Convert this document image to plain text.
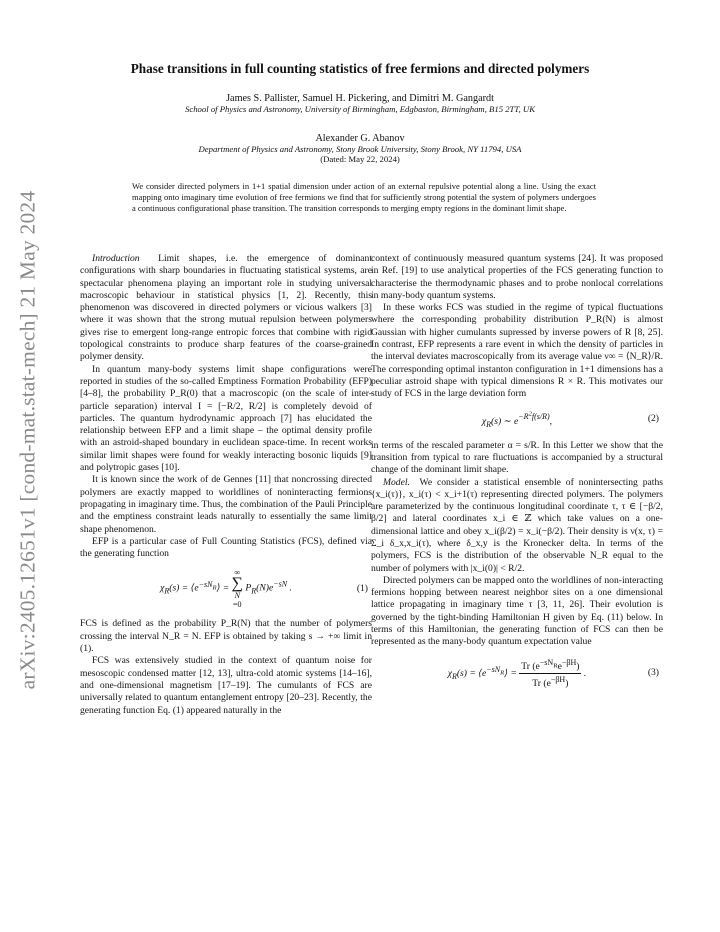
arXiv:2405.12651v1 [cond-mat.stat-mech] 21 May 2024
Phase transitions in full counting statistics of free fermions and directed polymers
James S. Pallister, Samuel H. Pickering, and Dimitri M. Gangardt
School of Physics and Astronomy, University of Birmingham, Edgbaston, Birmingham, B15 2TT, UK
Alexander G. Abanov
Department of Physics and Astronomy, Stony Brook University, Stony Brook, NY 11794, USA
(Dated: May 22, 2024)
We consider directed polymers in 1+1 spatial dimension under action of an external repulsive potential along a line. Using the exact mapping onto imaginary time evolution of free fermions we find that for sufficiently strong potential the system of polymers undergoes a continuous configurational phase transition. The transition corresponds to merging empty regions in the dominant limit shape.

Introduction Limit shapes, i.e. the emergence of dominant configurations with sharp boundaries in fluctuating statistical systems, are spectacular phenomena playing an important role in studying universal macroscopic behaviour in statistical physics [1, 2]. Recently, this phenomenon was discovered in directed polymers or vicious walkers [3] where it was shown that the strong mutual repulsion between polymers gives rise to emergent long-range entropic forces that combine with rigid topological constraints to produce sharp features of the coarse-grained polymer density.

In quantum many-body systems limit shape configurations were reported in studies of the so-called Emptiness Formation Probability (EFP) [4–8], the probability P_R(0) that a macroscopic (on the scale of inter-particle separation) interval I = [−R/2, R/2] is completely devoid of particles. The quantum hydrodynamic approach [7] has elucidated the relationship between EFP and a limit shape – the optimal density profile with an astroid-shaped boundary in euclidean space-time. In recent works similar limit shapes were found for weakly interacting bosonic liquids [9] and polytropic gases [10].

It is known since the work of de Gennes [11] that noncrossing directed polymers are exactly mapped to worldlines of noninteracting fermions propagating in imaginary time. Thus, the combination of the Pauli Principle and the emptiness constraint leads naturally to essentially the same limit shape phenomenon.

EFP is a particular case of Full Counting Statistics (FCS), defined via the generating function

$\chi_R(s)$ = $⟨e^{-sN_R}⟩$ = ∞
∑
N
=0 $P_R(N)e^{-sN}$ .	(1)

FCS is defined as the probability P_R(N) that the number of polymers crossing the interval N_R = N. EFP is obtained by taking s → +∞ limit in (1).

FCS was extensively studied in the context of quantum noise for mesoscopic condensed matter [12, 13], ultra-cold atomic systems [14–16], and one-dimensional magnetism [17–19]. The cumulants of FCS are universally related to quantum entanglement entropy [20–23]. Recently, the generating function Eq. (1) appeared naturally in the

context of continuously measured quantum systems [24]. It was proposed in Ref. [19] to use analytical properties of the FCS generating function to characterise the thermodynamic phases and to probe nonlocal correlations in many-body quantum systems.

In these works FCS was studied in the regime of typical fluctuations where the corresponding probability distribution P_R(N) is almost Gaussian with higher cumulants supressed by inverse powers of R [8, 25]. In contrast, EFP represents a rare event in which the density of particles in the interval deviates macroscopically from its average value ν∞ = ⟨N_R⟩/R. The corresponding optimal instanton configuration in 1+1 dimensions has a peculiar astroid shape with typical dimensions R × R. This motivates our study of FCS in the large deviation form

$\chi_R(s)$ ∼ $e^{-R^2f(s/R)}$,	(2)

in terms of the rescaled parameter α = s/R. In this Letter we show that the transition from typical to rare fluctuations is accompanied by a structural change of the dominant limit shape.

Model. We consider a statistical ensemble of nonintersecting paths {x_i(τ)}, x_i(τ) < x_i+1(τ) representing directed polymers. The polymers are parameterized by the continuous longitudinal coordinate τ, τ ∈ [−β/2, β/2] and lateral coordinates x_i ∈ ℤ which take values on a one-dimensional lattice and obey x_i(β/2) = x_i(−β/2). Their density is ν(x, τ) = Σ_i δ_x,x_i(τ), where δ_x,y is the Kronecker delta. In terms of the polymers, FCS is the distribution of the observable N_R equal to the number of polymers with |x_i(0)| < R/2.

Directed polymers can be mapped onto the worldlines of non-interacting fermions hopping between nearest neighbor sites on a one dimensional lattice propagating in imaginary time τ [3, 11, 26]. Their evolution is governed by the tight-binding Hamiltonian H given by Eq. (11) below. In terms of this Hamiltonian, the generating function of FCS can then be represented as the many-body quantum expectation value

$\chi_R(s)$ = $⟨e^{-sN_R}⟩$ =
Tr $(e^{-sN_R}e^{-\beta H})$
Tr $(e^{-\beta H})$
.	(3)
